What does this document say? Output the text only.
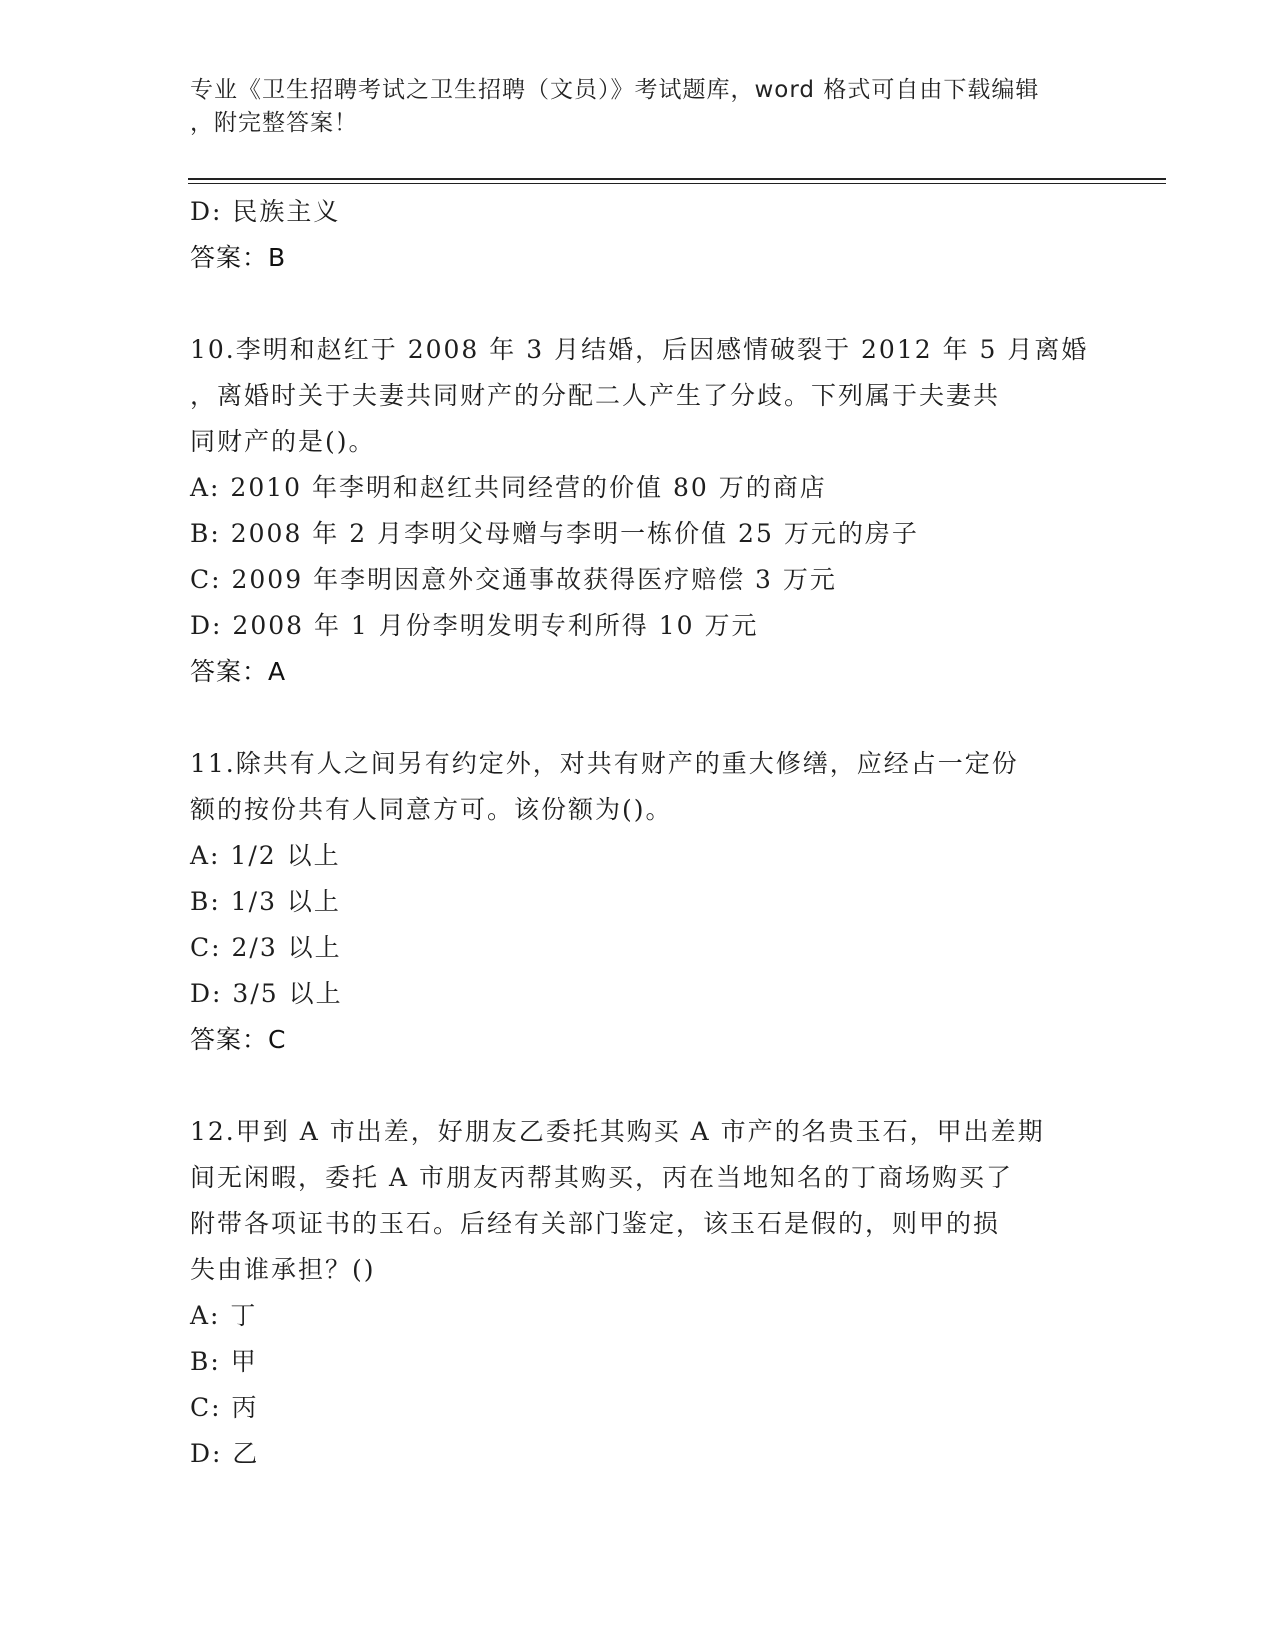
专业《卫生招聘考试之卫生招聘（文员）》考试题库，word 格式可自由下载编辑
，附完整答案！
D: 民族主义
答案：B
10.李明和赵红于 2008 年 3 月结婚，后因感情破裂于 2012 年 5 月离婚
，离婚时关于夫妻共同财产的分配二人产生了分歧。下列属于夫妻共
同财产的是()。
A: 2010 年李明和赵红共同经营的价值 80 万的商店
B: 2008 年 2 月李明父母赠与李明一栋价值 25 万元的房子
C: 2009 年李明因意外交通事故获得医疗赔偿 3 万元
D: 2008 年 1 月份李明发明专利所得 10 万元
答案：A
11.除共有人之间另有约定外，对共有财产的重大修缮，应经占一定份
额的按份共有人同意方可。该份额为()。
A: 1/2 以上
B: 1/3 以上
C: 2/3 以上
D: 3/5 以上
答案：C
12.甲到 A 市出差，好朋友乙委托其购买 A 市产的名贵玉石，甲出差期
间无闲暇，委托 A 市朋友丙帮其购买，丙在当地知名的丁商场购买了
附带各项证书的玉石。后经有关部门鉴定，该玉石是假的，则甲的损
失由谁承担？()
A: 丁
B: 甲
C: 丙
D: 乙
